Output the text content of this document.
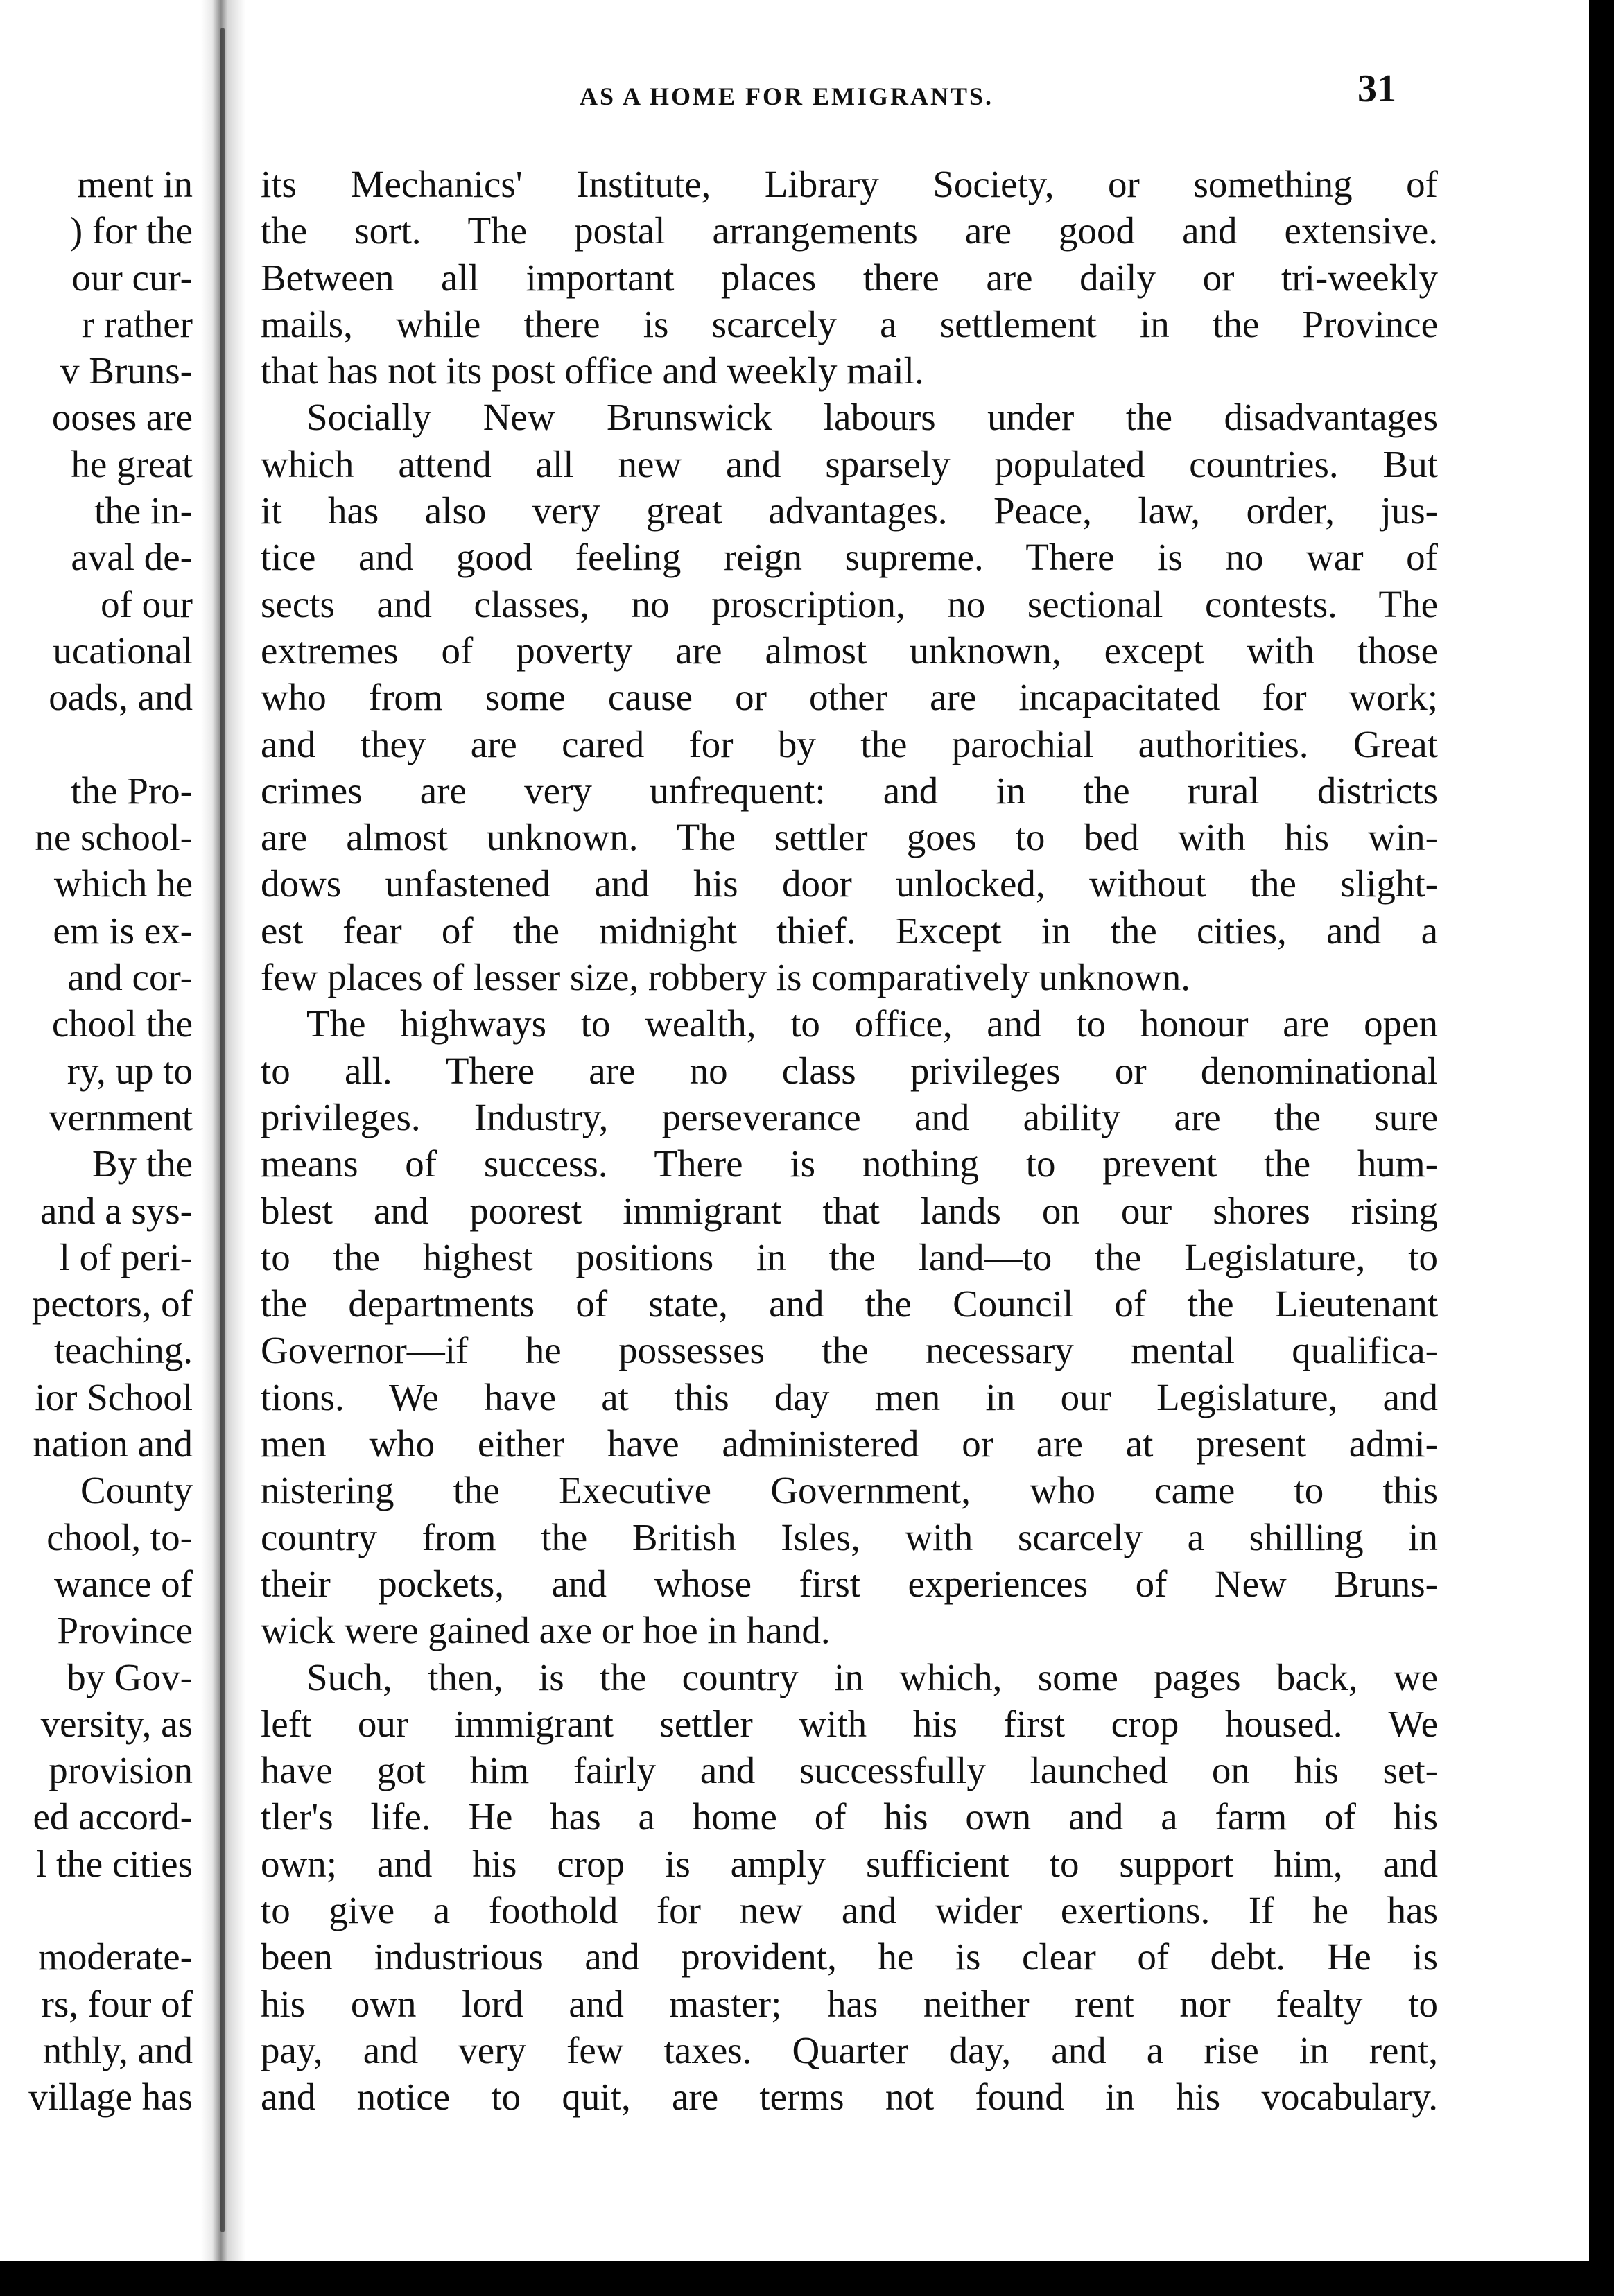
ment in
) for the
our cur-
r rather
v Bruns-
ooses are
he great
the in-
aval de-
of our
ucational
oads, and
the Pro-
ne school-
which he
em is ex-
and cor-
chool the
ry, up to
vernment
By the
and a sys-
l of peri-
pectors, of
teaching.
ior School
nation and
County
chool, to-
wance of
Province
by Gov-
versity, as
provision
ed accord-
l the cities
moderate-
rs, four of
nthly, and
village has
AS A HOME FOR EMIGRANTS.	31
its Mechanics' Institute, Library Society, or something of
the sort. The postal arrangements are good and extensive.
Between all important places there are daily or tri-weekly
mails, while there is scarcely a settlement in the Province
that has not its post office and weekly mail.
Socially New Brunswick labours under the disadvantages
which attend all new and sparsely populated countries. But
it has also very great advantages. Peace, law, order, jus-
tice and good feeling reign supreme. There is no war of
sects and classes, no proscription, no sectional contests. The
extremes of poverty are almost unknown, except with those
who from some cause or other are incapacitated for work;
and they are cared for by the parochial authorities. Great
crimes are very unfrequent: and in the rural districts
are almost unknown. The settler goes to bed with his win-
dows unfastened and his door unlocked, without the slight-
est fear of the midnight thief. Except in the cities, and a
few places of lesser size, robbery is comparatively unknown.
The highways to wealth, to office, and to honour are open
to all. There are no class privileges or denominational
privileges. Industry, perseverance and ability are the sure
means of success. There is nothing to prevent the hum-
blest and poorest immigrant that lands on our shores rising
to the highest positions in the land—to the Legislature, to
the departments of state, and the Council of the Lieutenant
Governor—if he possesses the necessary mental qualifica-
tions. We have at this day men in our Legislature, and
men who either have administered or are at present admi-
nistering the Executive Government, who came to this
country from the British Isles, with scarcely a shilling in
their pockets, and whose first experiences of New Bruns-
wick were gained axe or hoe in hand.
Such, then, is the country in which, some pages back, we
left our immigrant settler with his first crop housed. We
have got him fairly and successfully launched on his set-
tler's life. He has a home of his own and a farm of his
own; and his crop is amply sufficient to support him, and
to give a foothold for new and wider exertions. If he has
been industrious and provident, he is clear of debt. He is
his own lord and master; has neither rent nor fealty to
pay, and very few taxes. Quarter day, and a rise in rent,
and notice to quit, are terms not found in his vocabulary.
